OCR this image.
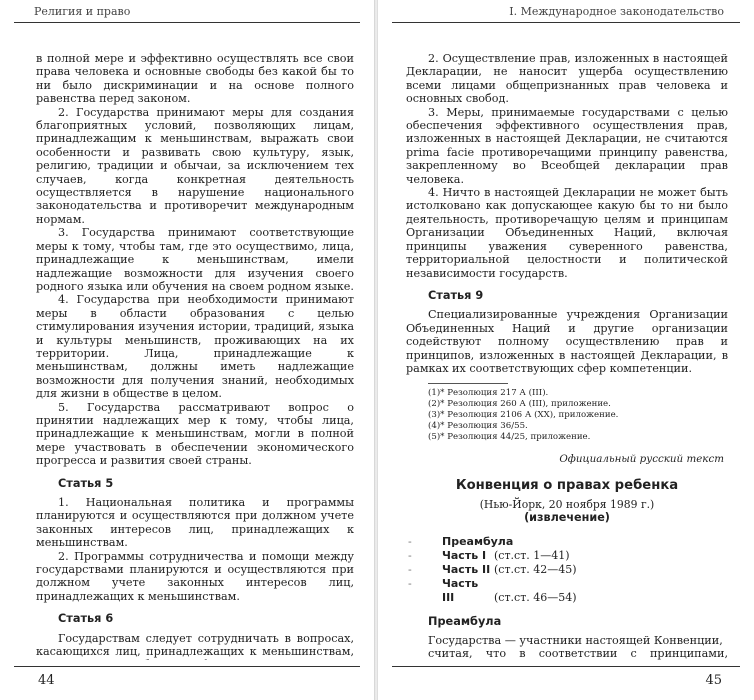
Религия и право

в полной мере и эффективно осуществлять все свои права человека и основные свободы без какой бы то ни было дискриминации и на основе полного равенства перед законом.

2. Государства принимают меры для создания благоприятных условий, позволяющих лицам, принадлежащим к меньшинствам, выражать свои особенности и развивать свою культуру, язык, религию, традиции и обычаи, за исключением тех случаев, когда конкретная деятельность осуществляется в нарушение национального законодательства и противоречит международным нормам.

3. Государства принимают соответствующие меры к тому, чтобы там, где это осуществимо, лица, принадлежащие к меньшинствам, имели надлежащие возможности для изучения своего родного языка или обучения на своем родном языке.

4. Государства при необходимости принимают меры в области образования с целью стимулирования изучения истории, традиций, языка и культуры меньшинств, проживающих на их территории. Лица, принадлежащие к меньшинствам, должны иметь надлежащие возможности для получения знаний, необходимых для жизни в обществе в целом.

5. Государства рассматривают вопрос о принятии надлежащих мер к тому, чтобы лица, принадлежащие к меньшинствам, могли в полной мере участвовать в обеспечении экономического прогресса и развития своей страны.

Статья 5

1. Национальная политика и программы планируются и осуществляются при должном учете законных интересов лиц, принадлежащих к меньшинствам.

2. Программы сотрудничества и помощи между государствами планируются и осуществляются при должном учете законных интересов лиц, принадлежащих к меньшинствам.

Статья 6

Государствам следует сотрудничать в вопросах, касающихся лиц, принадлежащих к меньшинствам,

44
I. Международное законодательство

2. Осуществление прав, изложенных в настоящей Декларации, не наносит ущерба осуществлению всеми лицами общепризнанных прав человека и основных свобод.

3. Меры, принимаемые государствами с целью обеспечения эффективного осуществления прав, изложенных в настоящей Декларации, не считаются prima facie противоречащими принципу равенства, закрепленному во Всеобщей декларации прав человека.

4. Ничто в настоящей Декларации не может быть истолковано как допускающее какую бы то ни было деятельность, противоречащую целям и принципам Организации Объединенных Наций, включая принципы уважения суверенного равенства, территориальной целостности и политической независимости государств.

Статья 9

Специализированные учреждения Организации Объединенных Наций и другие организации содействуют полному осуществлению прав и принципов, изложенных в настоящей Декларации, в рамках их соответствующих сфер компетенции.

(1)* Резолюция 217 А (III).
(2)* Резолюция 260 А (III), приложение.
(3)* Резолюция 2106 А (XX), приложение.
(4)* Резолюция 36/55.
(5)* Резолюция 44/25, приложение.
Официальный русский текст
Конвенция о правах ребенка
(Нью-Йорк, 20 ноября 1989 г.)
(извлечение)
-	Преамбула
-	Часть I (ст.ст. 1—41)
-	Часть II (ст.ст. 42—45)
-	Часть III	(ст.ст. 46—54)
Преамбула

Государства — участники настоящей Конвенции,

считая, что в соответствии с принципами,

45
